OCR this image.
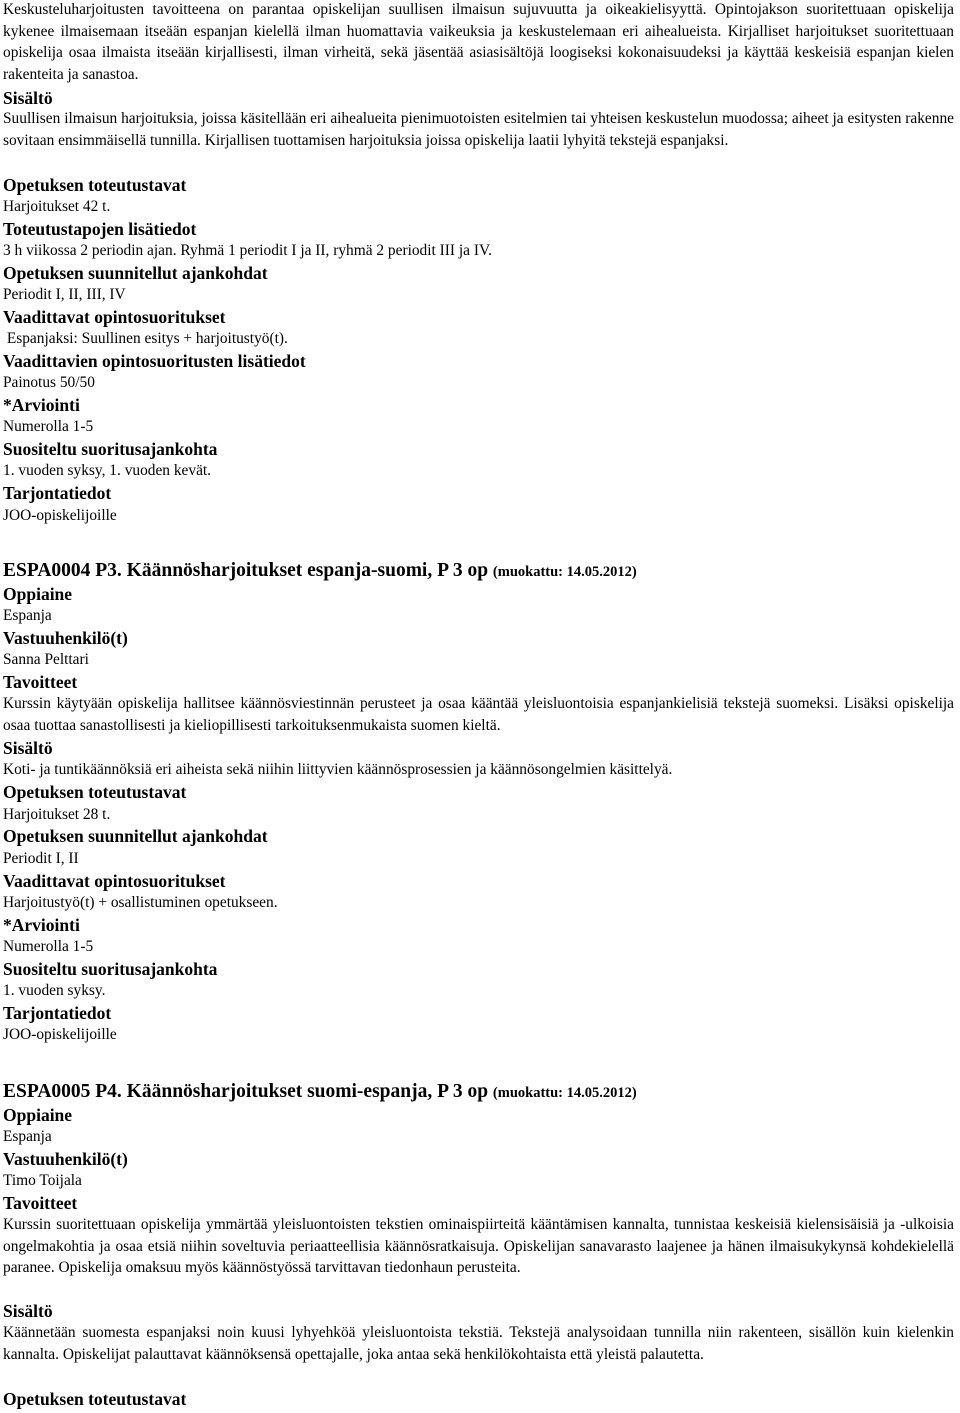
Keskusteluharjoitusten tavoitteena on parantaa opiskelijan suullisen ilmaisun sujuvuutta ja oikeakielisyyttä. Opintojakson suoritettuaan opiskelija kykenee ilmaisemaan itseään espanjan kielellä ilman huomattavia vaikeuksia ja keskustelemaan eri aihealueista. Kirjalliset harjoitukset suoritettuaan opiskelija osaa ilmaista itseään kirjallisesti, ilman virheitä, sekä jäsentää asiasisältöjä loogiseksi kokonaisuudeksi ja käyttää keskeisiä espanjan kielen rakenteita ja sanastoa.

Sisältö

Suullisen ilmaisun harjoituksia, joissa käsitellään eri aihealueita pienimuotoisten esitelmien tai yhteisen keskustelun muodossa; aiheet ja esitysten rakenne sovitaan ensimmäisellä tunnilla. Kirjallisen tuottamisen harjoituksia joissa opiskelija laatii lyhyitä tekstejä espanjaksi.

Opetuksen toteutustavat
Harjoitukset 42 t.
Toteutustapojen lisätiedot
3 h viikossa 2 periodin ajan. Ryhmä 1 periodit I ja II, ryhmä 2 periodit III ja IV.
Opetuksen suunnitellut ajankohdat
Periodit I, II, III, IV
Vaadittavat opintosuoritukset
Espanjaksi: Suullinen esitys + harjoitustyö(t).
Vaadittavien opintosuoritusten lisätiedot
Painotus 50/50
*Arviointi
Numerolla 1-5
Suositeltu suoritusajankohta
1. vuoden syksy, 1. vuoden kevät.
Tarjontatiedot
JOO-opiskelijoille
ESPA0004 P3. Käännösharjoitukset espanja-suomi, P 3 op (muokattu: 14.05.2012)
Oppiaine
Espanja
Vastuuhenkilö(t)
Sanna Pelttari
Tavoitteet

Kurssin käytyään opiskelija hallitsee käännösviestinnän perusteet ja osaa kääntää yleisluontoisia espanjankielisiä tekstejä suomeksi. Lisäksi opiskelija osaa tuottaa sanastollisesti ja kieliopillisesti tarkoituksenmukaista suomen kieltä.

Sisältö

Koti- ja tuntikäännöksiä eri aiheista sekä niihin liittyvien käännösprosessien ja käännösongelmien käsittelyä.

Opetuksen toteutustavat
Harjoitukset 28 t.
Opetuksen suunnitellut ajankohdat
Periodit I, II
Vaadittavat opintosuoritukset
Harjoitustyö(t) + osallistuminen opetukseen.
*Arviointi
Numerolla 1-5
Suositeltu suoritusajankohta
1. vuoden syksy.
Tarjontatiedot
JOO-opiskelijoille
ESPA0005 P4. Käännösharjoitukset suomi-espanja, P 3 op (muokattu: 14.05.2012)
Oppiaine
Espanja
Vastuuhenkilö(t)
Timo Toijala
Tavoitteet

Kurssin suoritettuaan opiskelija ymmärtää yleisluontoisten tekstien ominaispiirteitä kääntämisen kannalta, tunnistaa keskeisiä kielensisäisiä ja -ulkoisia ongelmakohtia ja osaa etsiä niihin soveltuvia periaatteellisia käännösratkaisuja. Opiskelijan sanavarasto laajenee ja hänen ilmaisukykynsä kohdekielellä paranee. Opiskelija omaksuu myös käännöstyössä tarvittavan tiedonhaun perusteita.

Sisältö

Käännetään suomesta espanjaksi noin kuusi lyhyehköä yleisluontoista tekstiä. Tekstejä analysoidaan tunnilla niin rakenteen, sisällön kuin kielenkin kannalta. Opiskelijat palauttavat käännöksensä opettajalle, joka antaa sekä henkilökohtaista että yleistä palautetta.

Opetuksen toteutustavat
